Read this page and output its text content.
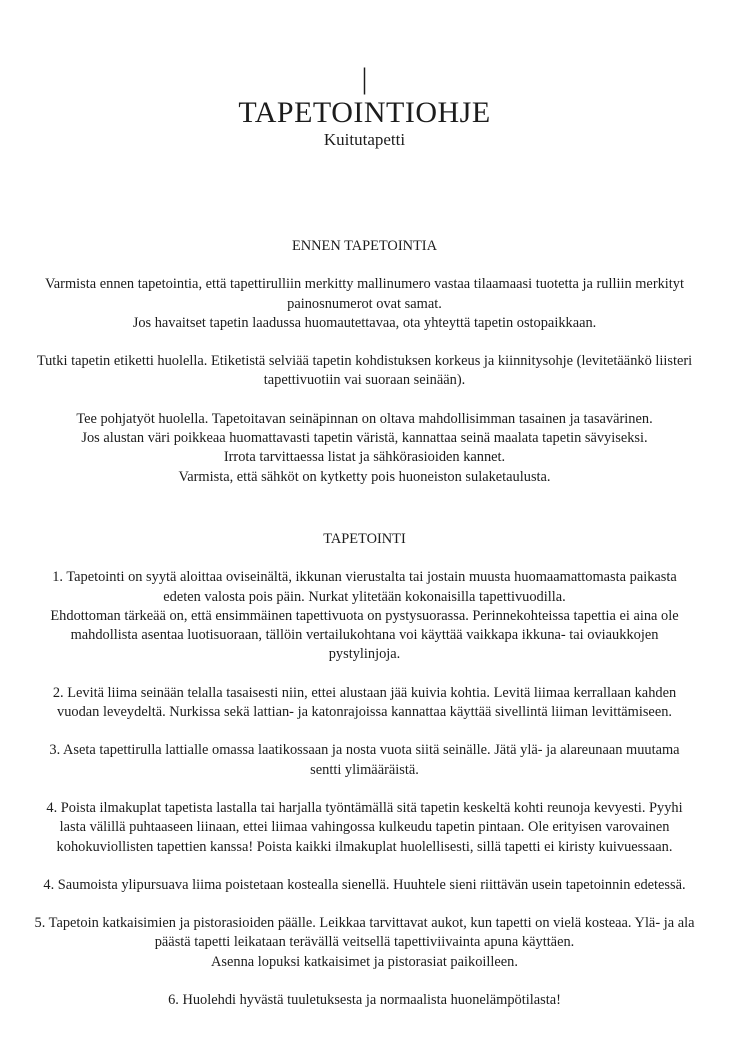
|
TAPETOINTIOHJE

Kuitutapetti

ENNEN TAPETOINTIA

Varmista ennen tapetointia, että tapettirulliin merkitty mallinumero vastaa tilaamaasi tuotetta ja rulliin merkityt painosnumerot ovat samat.
Jos havaitset tapetin laadussa huomautettavaa, ota yhteyttä tapetin ostopaikkaan.

Tutki tapetin etiketti huolella. Etiketistä selviää tapetin kohdistuksen korkeus ja kiinnitysohje (levitetäänkö liisteri tapettivuotiin vai suoraan seinään).

Tee pohjatyöt huolella. Tapetoitavan seinäpinnan on oltava mahdollisimman tasainen ja tasavärinen.
Jos alustan väri poikkeaa huomattavasti tapetin väristä, kannattaa seinä maalata tapetin sävyiseksi.
Irrota tarvittaessa listat ja sähkörasioiden kannet.
Varmista, että sähköt on kytketty pois huoneiston sulaketaulusta.

TAPETOINTI

1. Tapetointi on syytä aloittaa oviseinältä, ikkunan vierustalta tai jostain muusta huomaamattomasta paikasta edeten valosta pois päin. Nurkat ylitetään kokonaisilla tapettivuodilla.
Ehdottoman tärkeää on, että ensimmäinen tapettivuota on pystysuorassa. Perinnekohteissa tapettia ei aina ole mahdollista asentaa luotisuoraan, tällöin vertailukohtana voi käyttää vaikkapa ikkuna- tai oviaukkojen pystylinjoja.

2. Levitä liima seinään telalla tasaisesti niin, ettei alustaan jää kuivia kohtia. Levitä liimaa kerrallaan kahden vuodan leveydeltä. Nurkissa sekä lattian- ja katonrajoissa kannattaa käyttää sivellintä liiman levittämiseen.

3. Aseta tapettirulla lattialle omassa laatikossaan ja nosta vuota siitä seinälle. Jätä ylä- ja alareunaan muutama sentti ylimääräistä.

4. Poista ilmakuplat tapetista lastalla tai harjalla työntämällä sitä tapetin keskeltä kohti reunoja kevyesti. Pyyhi lasta välillä puhtaaseen liinaan, ettei liimaa vahingossa kulkeudu tapetin pintaan. Ole erityisen varovainen kohokuviollisten tapettien kanssa! Poista kaikki ilmakuplat huolellisesti, sillä tapetti ei kiristy kuivuessaan.

4. Saumoista ylipursuava liima poistetaan kostealla sienellä. Huuhtele sieni riittävän usein tapetoinnin edetessä.

5. Tapetoin katkaisimien ja pistorasioiden päälle. Leikkaa tarvittavat aukot, kun tapetti on vielä kosteaa. Ylä- ja ala päästä tapetti leikataan terävällä veitsellä tapettiviivainta apuna käyttäen.
Asenna lopuksi katkaisimet ja pistorasiat paikoilleen.

6. Huolehdi hyvästä tuuletuksesta ja normaalista huonelämpötilasta!
